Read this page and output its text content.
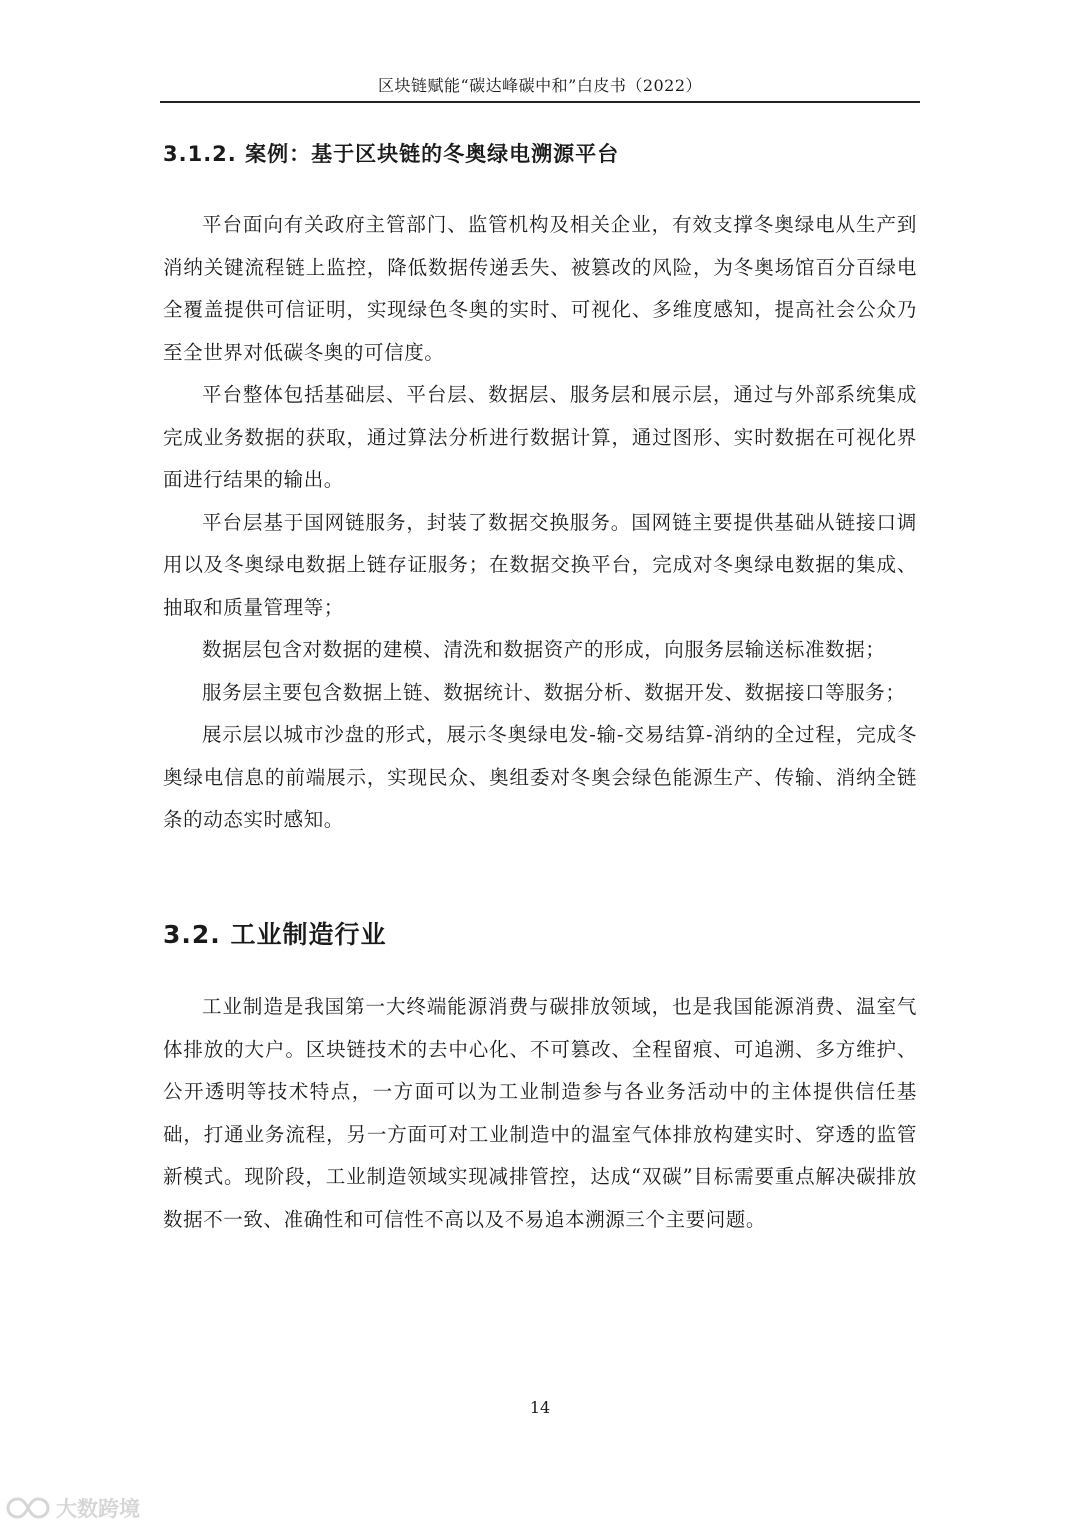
区块链赋能“碳达峰碳中和”白皮书（2022）
3.1.2. 案例：基于区块链的冬奥绿电溯源平台

平台面向有关政府主管部门、监管机构及相关企业，有效支撑冬奥绿电从生产到消纳关键流程链上监控，降低数据传递丢失、被篡改的风险，为冬奥场馆百分百绿电全覆盖提供可信证明，实现绿色冬奥的实时、可视化、多维度感知，提高社会公众乃至全世界对低碳冬奥的可信度。

平台整体包括基础层、平台层、数据层、服务层和展示层，通过与外部系统集成完成业务数据的获取，通过算法分析进行数据计算，通过图形、实时数据在可视化界面进行结果的输出。

平台层基于国网链服务，封装了数据交换服务。国网链主要提供基础从链接口调用以及冬奥绿电数据上链存证服务；在数据交换平台，完成对冬奥绿电数据的集成、抽取和质量管理等；

数据层包含对数据的建模、清洗和数据资产的形成，向服务层输送标准数据；

服务层主要包含数据上链、数据统计、数据分析、数据开发、数据接口等服务；

展示层以城市沙盘的形式，展示冬奥绿电发-输-交易结算-消纳的全过程，完成冬奥绿电信息的前端展示，实现民众、奥组委对冬奥会绿色能源生产、传输、消纳全链条的动态实时感知。

3.2. 工业制造行业

工业制造是我国第一大终端能源消费与碳排放领域，也是我国能源消费、温室气体排放的大户。区块链技术的去中心化、不可篡改、全程留痕、可追溯、多方维护、公开透明等技术特点，一方面可以为工业制造参与各业务活动中的主体提供信任基础，打通业务流程，另一方面可对工业制造中的温室气体排放构建实时、穿透的监管新模式。现阶段，工业制造领域实现减排管控，达成“双碳”目标需要重点解决碳排放数据不一致、准确性和可信性不高以及不易追本溯源三个主要问题。

14
大数跨境
